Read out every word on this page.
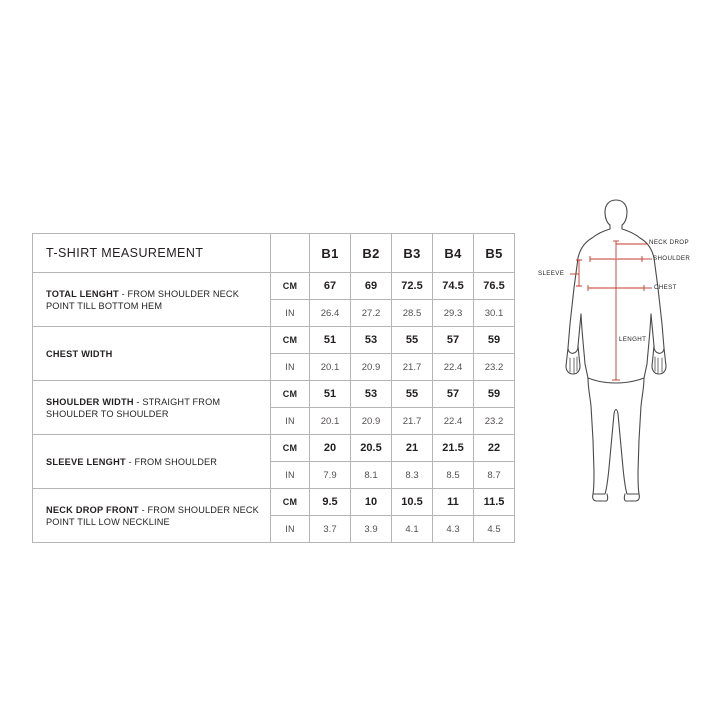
T-SHIRT MEASUREMENT		B1	B2	B3	B4	B5
TOTAL LENGHT - FROM SHOULDER NECK POINT TILL BOTTOM HEM	CM	67	69	72.5	74.5	76.5
	IN	26.4	27.2	28.5	29.3	30.1
CHEST WIDTH	CM	51	53	55	57	59
	IN	20.1	20.9	21.7	22.4	23.2
SHOULDER WIDTH - STRAIGHT FROM SHOULDER TO SHOULDER	CM	51	53	55	57	59
	IN	20.1	20.9	21.7	22.4	23.2
SLEEVE LENGHT - FROM SHOULDER	CM	20	20.5	21	21.5	22
	IN	7.9	8.1	8.3	8.5	8.7
NECK DROP FRONT - FROM SHOULDER NECK POINT TILL LOW NECKLINE	CM	9.5	10	10.5	11	11.5
	IN	3.7	3.9	4.1	4.3	4.5
NECK DROP
SHOULDER
SLEEVE
CHEST
LENGHT
